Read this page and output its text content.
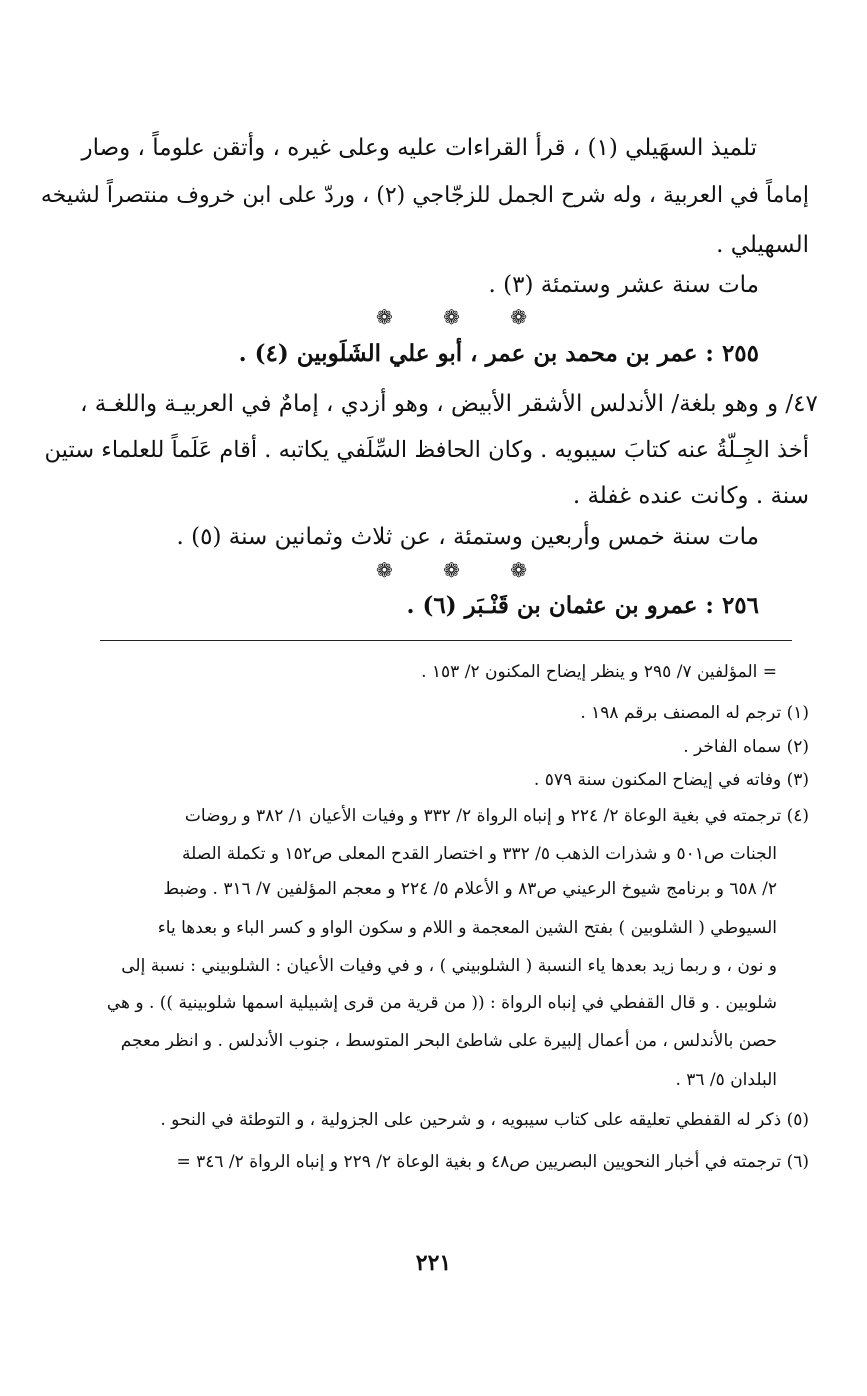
تلميذ السهَيلي (١) ، قرأ القراءات عليه وعلى غيره ، وأتقن علوماً ، وصار
إماماً في العربية ، وله شرح الجمل للزجّاجي (٢) ، وردّ على ابن خروف منتصراً لشيخه
السهيلي .
مات سنة عشر وستمئة (٣) .
❁ ❁ ❁
٢٥٥ : عمر بن محمد بن عمر ، أبو علي الشَلَوبين (٤) .
وهو بلغة/ الأندلس الأشقر الأبيض ، وهو أزدي ، إمامٌ في العربيـة واللغـة ، ٤٧/ و
أخذ الجِـلّةُ عنه كتابَ سيبويه . وكان الحافظ السِّلَفي يكاتبه . أقام عَلَماً للعلماء ستين
سنة . وكانت عنده غفلة .
مات سنة خمس وأربعين وستمئة ، عن ثلاث وثمانين سنة (٥) .
❁ ❁ ❁
٢٥٦ : عمرو بن عثمان بن قَنْـبَر (٦) .
= المؤلفين ٧/ ٢٩٥ و ينظر إيضاح المكنون ٢/ ١٥٣ .
(١) ترجم له المصنف برقم ١٩٨ .
(٢) سماه الفاخر .
(٣) وفاته في إيضاح المكنون سنة ٥٧٩ .
(٤) ترجمته في بغية الوعاة ٢/ ٢٢٤ و إنباه الرواة ٢/ ٣٣٢ و وفيات الأعيان ١/ ٣٨٢ و روضات
الجنات ص٥٠١ و شذرات الذهب ٥/ ٣٣٢ و اختصار القدح المعلى ص١٥٢ و تكملة الصلة
٢/ ٦٥٨ و برنامج شيوخ الرعيني ص٨٣ و الأعلام ٥/ ٢٢٤ و معجم المؤلفين ٧/ ٣١٦ . وضبط
السيوطي ( الشلوبين ) بفتح الشين المعجمة و اللام و سكون الواو و كسر الباء و بعدها ياء
و نون ، و ربما زيد بعدها ياء النسبة ( الشلوبيني ) ، و في وفيات الأعيان : الشلوبيني : نسبة إلى
شلوبين . و قال القفطي في إنباه الرواة : (( من قرية من قرى إشبيلية اسمها شلوبينية )) . و هي
حصن بالأندلس ، من أعمال إلبيرة على شاطئ البحر المتوسط ، جنوب الأندلس . و انظر معجم
البلدان ٥/ ٣٦ .
(٥) ذكر له القفطي تعليقه على كتاب سيبويه ، و شرحين على الجزولية ، و التوطئة في النحو .
(٦) ترجمته في أخبار النحويين البصريين ص٤٨ و بغية الوعاة ٢/ ٢٢٩ و إنباه الرواة ٢/ ٣٤٦ =
٢٢١
